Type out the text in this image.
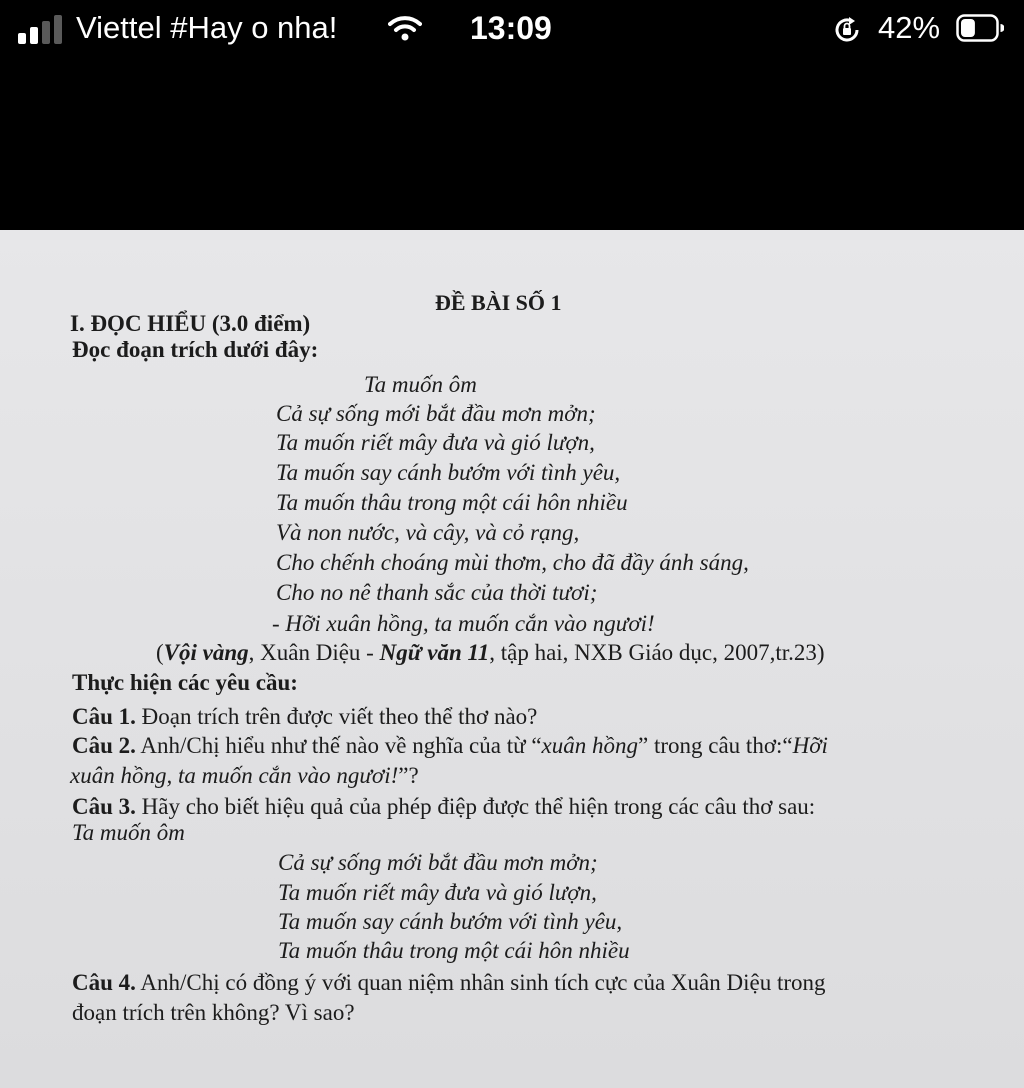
Viettel #Hay o nha!	13:09	42%
ĐỀ BÀI SỐ 1
I. ĐỌC HIỂU (3.0 điểm)
Đọc đoạn trích dưới đây:
Ta muốn ôm
Cả sự sống mới bắt đầu mơn mởn;
Ta muốn riết mây đưa và gió lượn,
Ta muốn say cánh bướm với tình yêu,
Ta muốn thâu trong một cái hôn nhiều
Và non nước, và cây, và cỏ rạng,
Cho chếnh choáng mùi thơm, cho đã đầy ánh sáng,
Cho no nê thanh sắc của thời tươi;
- Hỡi xuân hồng, ta muốn cắn vào ngươi!
(Vội vàng, Xuân Diệu - Ngữ văn 11, tập hai, NXB Giáo dục, 2007,tr.23)
Thực hiện các yêu cầu:
Câu 1. Đoạn trích trên được viết theo thể thơ nào?
Câu 2. Anh/Chị hiểu như thế nào về nghĩa của từ “xuân hồng” trong câu thơ:“Hỡi
xuân hồng, ta muốn cắn vào ngươi!”?
Câu 3. Hãy cho biết hiệu quả của phép điệp được thể hiện trong các câu thơ sau:
Ta muốn ôm
Cả sự sống mới bắt đầu mơn mởn;
Ta muốn riết mây đưa và gió lượn,
Ta muốn say cánh bướm với tình yêu,
Ta muốn thâu trong một cái hôn nhiều
Câu 4. Anh/Chị có đồng ý với quan niệm nhân sinh tích cực của Xuân Diệu trong
đoạn trích trên không? Vì sao?
